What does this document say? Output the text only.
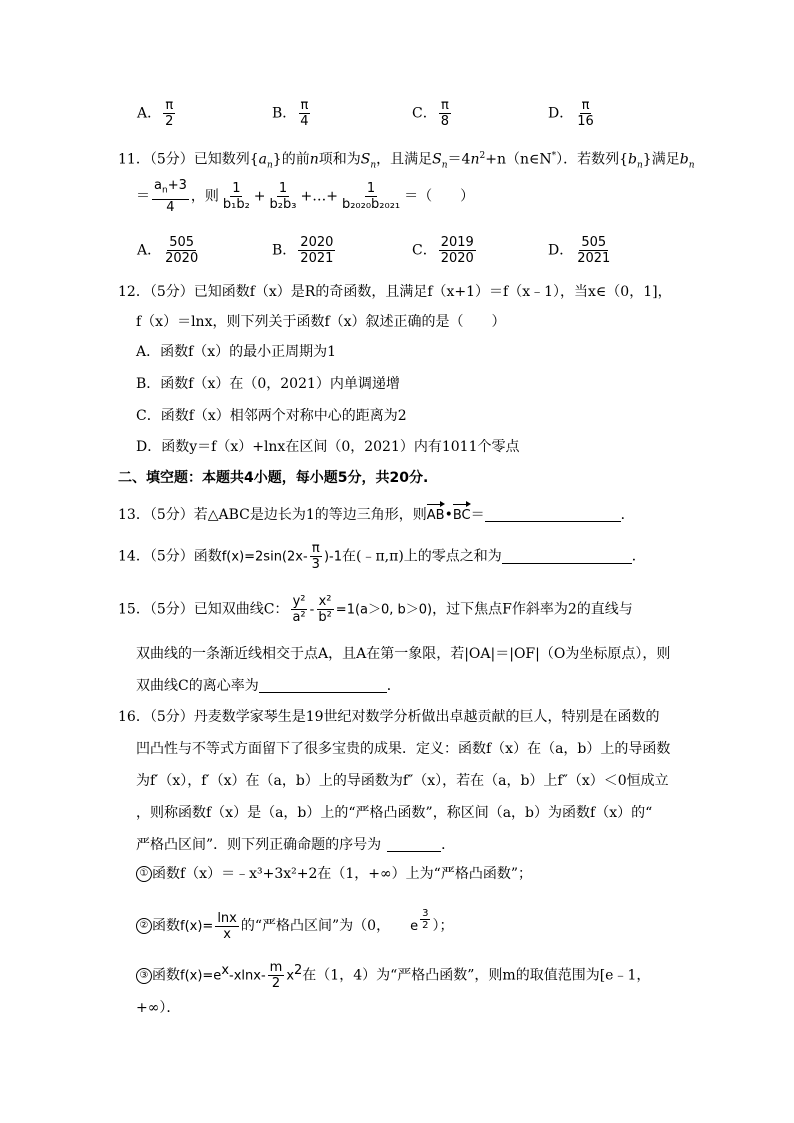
A． $\frac{\pi}{2}$	B． $\frac{\pi}{4}$	C． $\frac{\pi}{8}$	D． $\frac{\pi}{16}$
11．（5分）已知数列$\{a_n\}$的前n项和为$S_n$，且满足$S_n=4n^2+n(n\in N^*)$．若数列$\{b_n\}$满足$b_n$
＝ $\frac{a_n+3}{4}$ ，则 $\frac{1}{\text{b₁b₂}} + \frac{1}{\text{b₂b₃}}$ +…+ $\frac{1}{\text{b₂₀₂₀b₂₀₂₁}}$ ＝（　　）
A． $\frac{505}{2020}$	B． $\frac{2020}{2021}$	C． $\frac{2019}{2020}$	D． $\frac{505}{2021}$
12．（5分）已知函数f（x）是R的奇函数，且满足f（x+1）＝f（x﹣1），当x∈（0，1]，
f（x）＝lnx，则下列关于函数f（x）叙述正确的是（　　）
A．函数f（x）的最小正周期为1
B．函数f（x）在（0，2021）内单调递增
C．函数f（x）相邻两个对称中心的距离为2
D．函数y＝f（x）+lnx在区间（0，2021）内有1011个零点
二、填空题：本题共4小题，每小题5分，共20分.
13．（5分）若△ABC是边长为1的等边三角形，则AB•BC＝	．
14．（5分）函数$f(x)=2\sin(2x- \frac{\pi}{3} )-1$在(﹣π,π)上的零点之和为	．
15．（5分）已知双曲线C： $\frac{\text{y²}}{\text{a²}} - \frac{\text{x²}}{\text{b²}} =1(a>0$, b＞0)，过下焦点F作斜率为2的直线与
双曲线的一条渐近线相交于点A，且A在第一象限，若|OA|＝|OF|（O为坐标原点），则
双曲线C的离心率为	．
16．（5分）丹麦数学家琴生是19世纪对数学分析做出卓越贡献的巨人，特别是在函数的
凹凸性与不等式方面留下了很多宝贵的成果．定义：函数f（x）在（a，b）上的导函数
为f′（x），f′（x）在（a，b）上的导函数为f″（x），若在（a，b）上f″（x）＜0恒成立
，则称函数f（x）是（a，b）上的“严格凸函数”，称区间（a，b）为函数f（x）的“
严格凸区间”．则下列正确命题的序号为	．
① 函数f（x）＝﹣x³+3x²+2在（1，+∞）上为“严格凸函数”；
② 函数$f(x)= \frac{\ln x}{x}$ 的“严格凸区间”为（0， e $\frac{3}{2}$ ）；
③ 函数$f(x)=e^x-xlnx- \frac{m}{2} x^2$在（1，4）为“严格凸函数”，则m的取值范围为[e﹣1，
+∞）．
